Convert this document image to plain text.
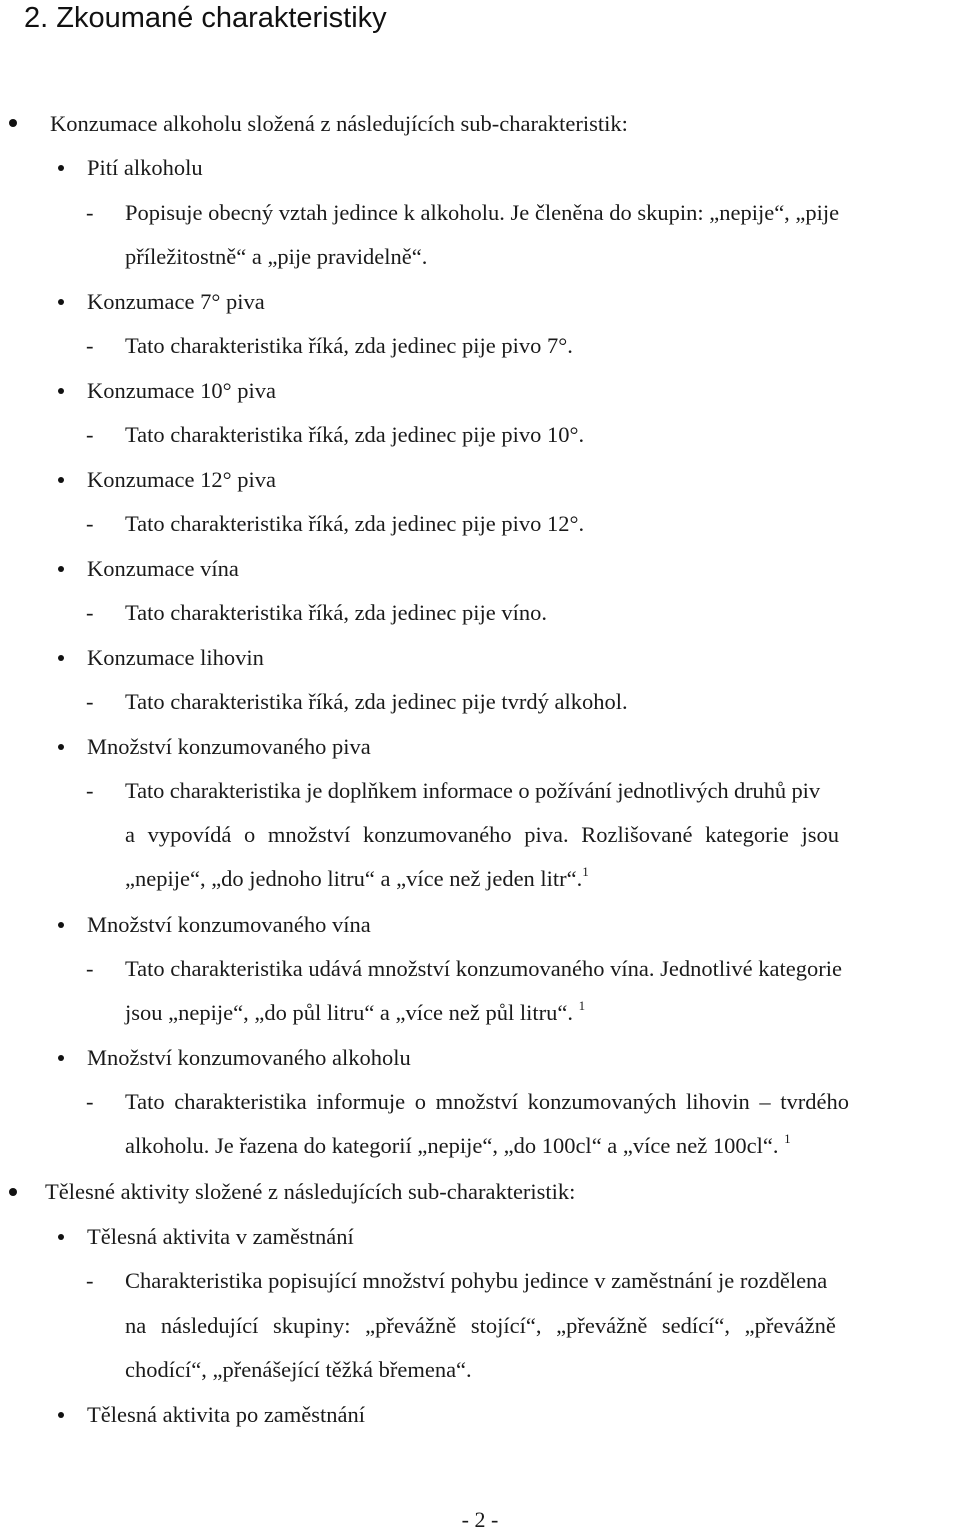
2. Zkoumané charakteristiky
Konzumace alkoholu složená z následujících sub-charakteristik:
Pití alkoholu
- Popisuje obecný vztah jedince k alkoholu. Je členěna do skupin: „nepije“, „pije
příležitostně“ a „pije pravidelně“.
Konzumace 7° piva
- Tato charakteristika říká, zda jedinec pije pivo 7°.
Konzumace 10° piva
- Tato charakteristika říká, zda jedinec pije pivo 10°.
Konzumace 12° piva
- Tato charakteristika říká, zda jedinec pije pivo 12°.
Konzumace vína
- Tato charakteristika říká, zda jedinec pije víno.
Konzumace lihovin
- Tato charakteristika říká, zda jedinec pije tvrdý alkohol.
Množství konzumovaného piva
- Tato charakteristika je doplňkem informace o požívání jednotlivých druhů piv
a vypovídá o množství konzumovaného piva. Rozlišované kategorie jsou
„nepije“, „do jednoho litru“ a „více než jeden litr“.$^1$
Množství konzumovaného vína
- Tato charakteristika udává množství konzumovaného vína. Jednotlivé kategorie
jsou „nepije“, „do půl litru“ a „více než půl litru“. $^1$
Množství konzumovaného alkoholu
- Tato charakteristika informuje o množství konzumovaných lihovin – tvrdého
alkoholu. Je řazena do kategorií „nepije“, „do 100cl“ a „více než 100cl“. $^1$
Tělesné aktivity složené z následujících sub-charakteristik:
Tělesná aktivita v zaměstnání
- Charakteristika popisující množství pohybu jedince v zaměstnání je rozdělena
na následující skupiny: „převážně stojící“, „převážně sedící“, „převážně
chodící“, „přenášející těžká břemena“.
Tělesná aktivita po zaměstnání
- 2 -
